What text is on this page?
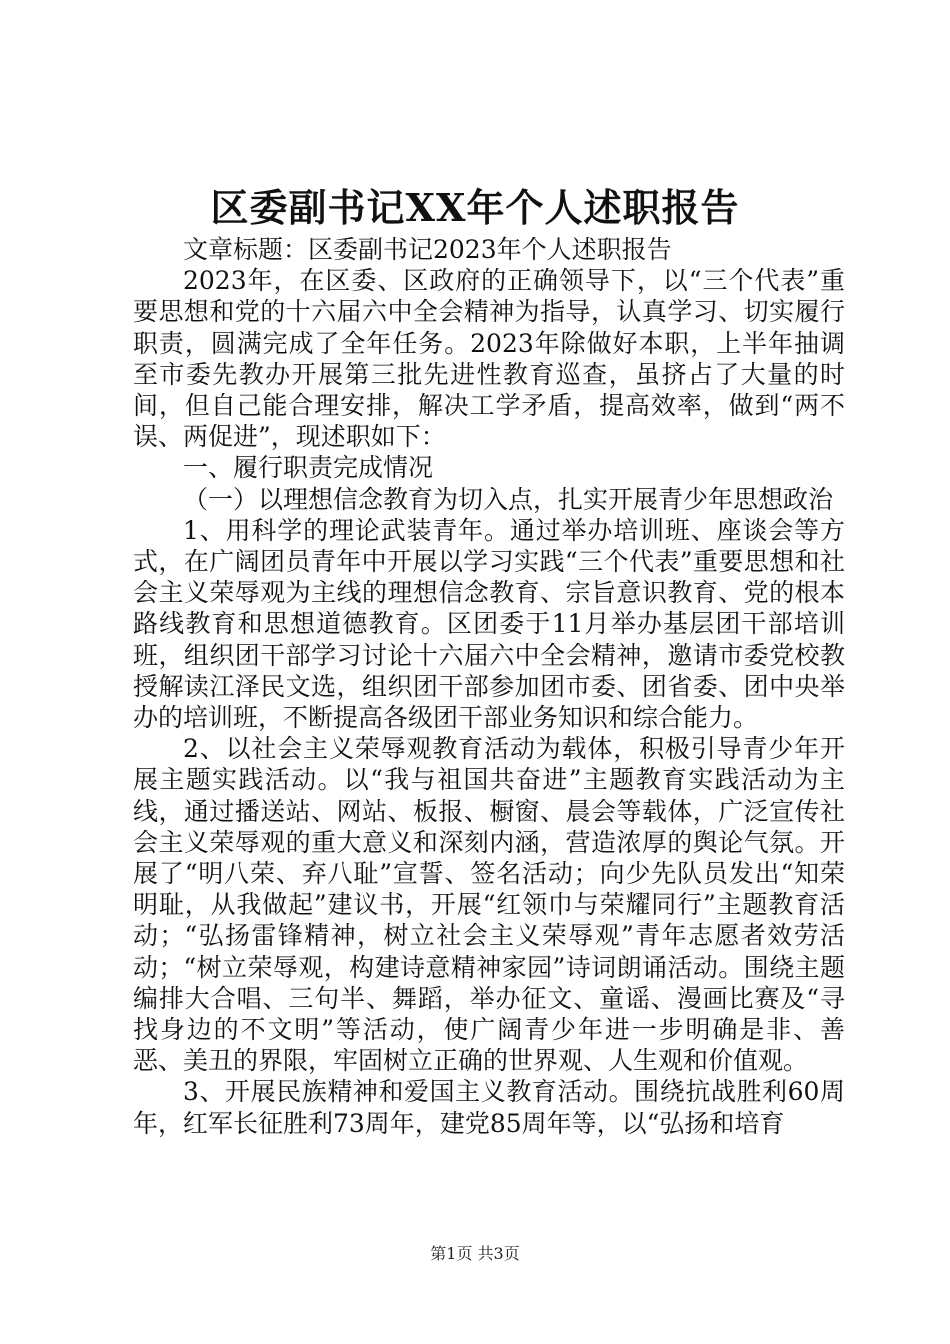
区委副书记XX年个人述职报告

文章标题：区委副书记2023年个人述职报告

2023年，在区委、区政府的正确领导下，以“三个代表”重要思想和党的十六届六中全会精神为指导，认真学习、切实履行职责，圆满完成了全年任务。2023年除做好本职，上半年抽调至市委先教办开展第三批先进性教育巡查，虽挤占了大量的时间，但自己能合理安排，解决工学矛盾，提高效率，做到“两不误、两促进”，现述职如下：

一、履行职责完成情况

（一）以理想信念教育为切入点，扎实开展青少年思想政治

1、用科学的理论武装青年。通过举办培训班、座谈会等方式，在广阔团员青年中开展以学习实践“三个代表”重要思想和社会主义荣辱观为主线的理想信念教育、宗旨意识教育、党的根本路线教育和思想道德教育。区团委于11月举办基层团干部培训班，组织团干部学习讨论十六届六中全会精神，邀请市委党校教授解读江泽民文选，组织团干部参加团市委、团省委、团中央举办的培训班，不断提高各级团干部业务知识和综合能力。

2、以社会主义荣辱观教育活动为载体，积极引导青少年开展主题实践活动。以“我与祖国共奋进”主题教育实践活动为主线，通过播送站、网站、板报、橱窗、晨会等载体，广泛宣传社会主义荣辱观的重大意义和深刻内涵，营造浓厚的舆论气氛。开展了“明八荣、弃八耻”宣誓、签名活动；向少先队员发出“知荣明耻，从我做起”建议书，开展“红领巾与荣耀同行”主题教育活动；“弘扬雷锋精神，树立社会主义荣辱观”青年志愿者效劳活动；“树立荣辱观，构建诗意精神家园”诗词朗诵活动。围绕主题编排大合唱、三句半、舞蹈，举办征文、童谣、漫画比赛及“寻找身边的不文明”等活动，使广阔青少年进一步明确是非、善恶、美丑的界限，牢固树立正确的世界观、人生观和价值观。

3、开展民族精神和爱国主义教育活动。围绕抗战胜利60周年，红军长征胜利73周年，建党85周年等，以“弘扬和培育

第1页 共3页
